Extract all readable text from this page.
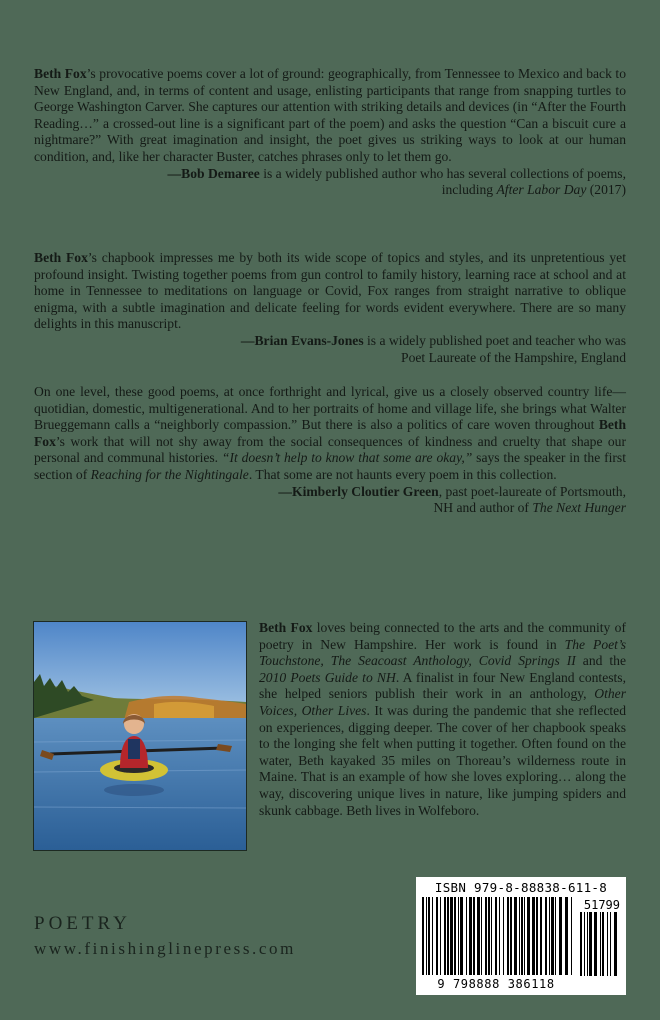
Beth Fox’s provocative poems cover a lot of ground: geographically, from Tennessee to Mexico and back to New England, and, in terms of content and usage, enlisting participants that range from snapping turtles to George Washington Carver. She captures our attention with striking details and devices (in “After the Fourth Reading…” a crossed-out line is a significant part of the poem) and asks the question “Can a biscuit cure a nightmare?” With great imagination and insight, the poet gives us striking ways to look at our human condition, and, like her character Buster, catches phrases only to let them go.

—Bob Demaree is a widely published author who has several collections of poems,
including After Labor Day (2017)

Beth Fox’s chapbook impresses me by both its wide scope of topics and styles, and its unpretentious yet profound insight. Twisting together poems from gun control to family history, learning race at school and at home in Tennessee to meditations on language or Covid, Fox ranges from straight narrative to oblique enigma, with a subtle imagination and delicate feeling for words evident everywhere. There are so many delights in this manuscript.

—Brian Evans-Jones is a widely published poet and teacher who was
Poet Laureate of the Hampshire, England

On one level, these good poems, at once forthright and lyrical, give us a closely observed country life—quotidian, domestic, multigenerational. And to her portraits of home and village life, she brings what Walter Brueggemann calls a “neighborly compassion.” But there is also a politics of care woven throughout Beth Fox’s work that will not shy away from the social consequences of kindness and cruelty that shape our personal and communal histories. “It doesn’t help to know that some are okay,” says the speaker in the first section of Reaching for the Nightingale. That some are not haunts every poem in this collection.

—Kimberly Cloutier Green, past poet-laureate of Portsmouth,
NH and author of The Next Hunger

Beth Fox loves being connected to the arts and the community of poetry in New Hampshire. Her work is found in The Poet’s Touchstone, The Seacoast Anthology, Covid Springs II and the 2010 Poets Guide to NH. A finalist in four New England contests, she helped seniors publish their work in an anthology, Other Voices, Other Lives. It was during the pandemic that she reflected on experiences, digging deeper. The cover of her chapbook speaks to the longing she felt when putting it together. Often found on the water, Beth kayaked 35 miles on Thoreau’s wilderness route in Maine. That is an example of how she loves exploring… along the way, discovering unique lives in nature, like jumping spiders and skunk cabbage. Beth lives in Wolfeboro.

ISBN 979-8-88838-611-8
51799
9 798888 386118
POETRY
www.finishinglinepress.com
